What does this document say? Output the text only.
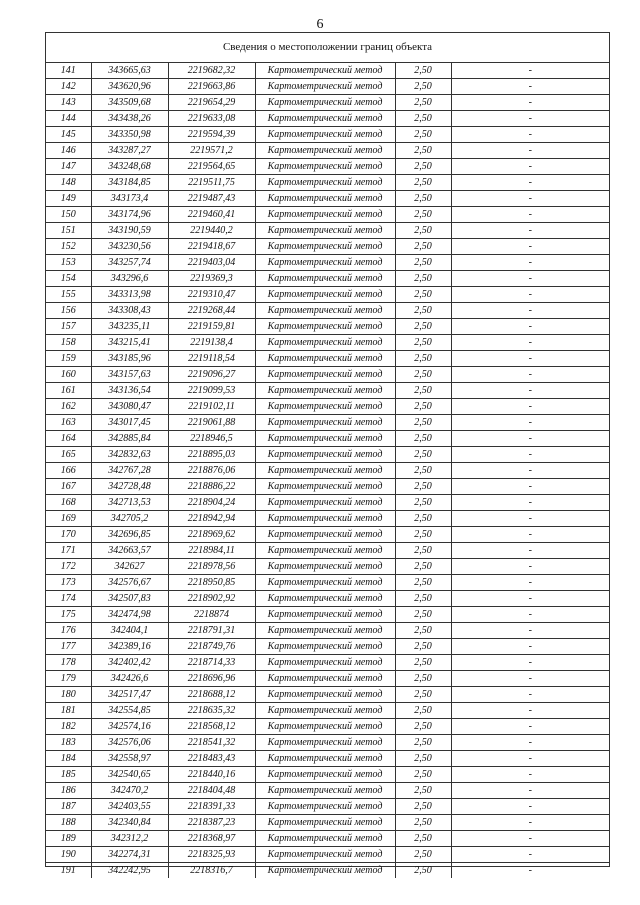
6
Сведения о местоположении границ объекта
141	343665,63	2219682,32	Картометрический метод	2,50	-
142	343620,96	2219663,86	Картометрический метод	2,50	-
143	343509,68	2219654,29	Картометрический метод	2,50	-
144	343438,26	2219633,08	Картометрический метод	2,50	-
145	343350,98	2219594,39	Картометрический метод	2,50	-
146	343287,27	2219571,2	Картометрический метод	2,50	-
147	343248,68	2219564,65	Картометрический метод	2,50	-
148	343184,85	2219511,75	Картометрический метод	2,50	-
149	343173,4	2219487,43	Картометрический метод	2,50	-
150	343174,96	2219460,41	Картометрический метод	2,50	-
151	343190,59	2219440,2	Картометрический метод	2,50	-
152	343230,56	2219418,67	Картометрический метод	2,50	-
153	343257,74	2219403,04	Картометрический метод	2,50	-
154	343296,6	2219369,3	Картометрический метод	2,50	-
155	343313,98	2219310,47	Картометрический метод	2,50	-
156	343308,43	2219268,44	Картометрический метод	2,50	-
157	343235,11	2219159,81	Картометрический метод	2,50	-
158	343215,41	2219138,4	Картометрический метод	2,50	-
159	343185,96	2219118,54	Картометрический метод	2,50	-
160	343157,63	2219096,27	Картометрический метод	2,50	-
161	343136,54	2219099,53	Картометрический метод	2,50	-
162	343080,47	2219102,11	Картометрический метод	2,50	-
163	343017,45	2219061,88	Картометрический метод	2,50	-
164	342885,84	2218946,5	Картометрический метод	2,50	-
165	342832,63	2218895,03	Картометрический метод	2,50	-
166	342767,28	2218876,06	Картометрический метод	2,50	-
167	342728,48	2218886,22	Картометрический метод	2,50	-
168	342713,53	2218904,24	Картометрический метод	2,50	-
169	342705,2	2218942,94	Картометрический метод	2,50	-
170	342696,85	2218969,62	Картометрический метод	2,50	-
171	342663,57	2218984,11	Картометрический метод	2,50	-
172	342627	2218978,56	Картометрический метод	2,50	-
173	342576,67	2218950,85	Картометрический метод	2,50	-
174	342507,83	2218902,92	Картометрический метод	2,50	-
175	342474,98	2218874	Картометрический метод	2,50	-
176	342404,1	2218791,31	Картометрический метод	2,50	-
177	342389,16	2218749,76	Картометрический метод	2,50	-
178	342402,42	2218714,33	Картометрический метод	2,50	-
179	342426,6	2218696,96	Картометрический метод	2,50	-
180	342517,47	2218688,12	Картометрический метод	2,50	-
181	342554,85	2218635,32	Картометрический метод	2,50	-
182	342574,16	2218568,12	Картометрический метод	2,50	-
183	342576,06	2218541,32	Картометрический метод	2,50	-
184	342558,97	2218483,43	Картометрический метод	2,50	-
185	342540,65	2218440,16	Картометрический метод	2,50	-
186	342470,2	2218404,48	Картометрический метод	2,50	-
187	342403,55	2218391,33	Картометрический метод	2,50	-
188	342340,84	2218387,23	Картометрический метод	2,50	-
189	342312,2	2218368,97	Картометрический метод	2,50	-
190	342274,31	2218325,93	Картометрический метод	2,50	-
191	342242,95	2218316,7	Картометрический метод	2,50	-
